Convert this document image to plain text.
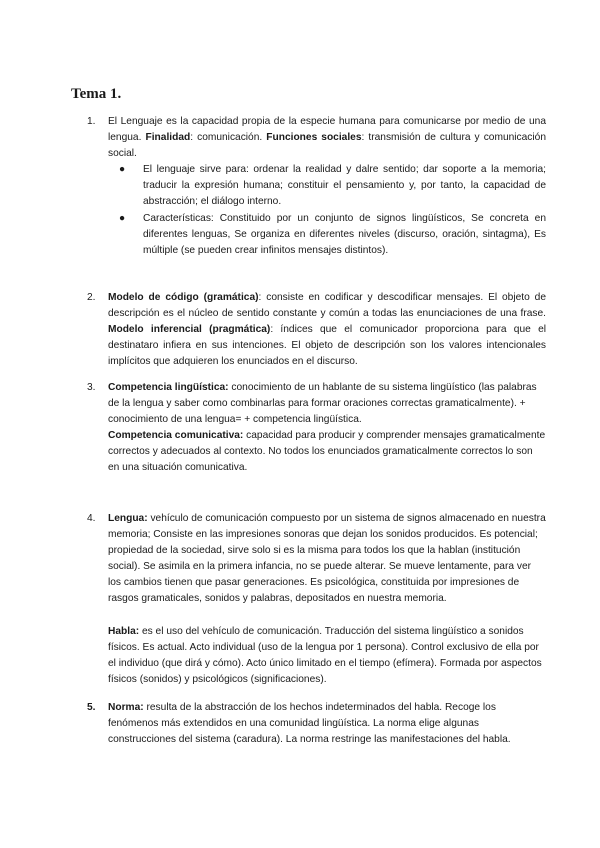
Tema 1.
1. El Lenguaje es la capacidad propia de la especie humana para comunicarse por medio de una lengua. Finalidad: comunicación. Funciones sociales: transmisión de cultura y comunicación social.
● El lenguaje sirve para: ordenar la realidad y dalre sentido; dar soporte a la memoria; traducir la expresión humana; constituir el pensamiento y, por tanto, la capacidad de abstracción; el diálogo interno.
● Características: Constituido por un conjunto de signos lingüísticos, Se concreta en diferentes lenguas, Se organiza en diferentes niveles (discurso, oración, sintagma), Es múltiple (se pueden crear infinitos mensajes distintos).
2. Modelo de código (gramática): consiste en codificar y descodificar mensajes. El objeto de descripción es el núcleo de sentido constante y común a todas las enunciaciones de una frase. Modelo inferencial (pragmática): índices que el comunicador proporciona para que el destinataro infiera en sus intenciones. El objeto de descripción son los valores intencionales implícitos que adquieren los enunciados en el discurso.
3. Competencia lingüística: conocimiento de un hablante de su sistema lingüístico (las palabras de la lengua y saber como combinarlas para formar oraciones correctas gramaticalmente). + conocimiento de una lengua= + competencia lingüística.

Competencia comunicativa: capacidad para producir y comprender mensajes gramaticalmente correctos y adecuados al contexto. No todos los enunciados gramaticalmente correctos lo son en una situación comunicativa.

4. Lengua: vehículo de comunicación compuesto por un sistema de signos almacenado en nuestra memoria; Consiste en las impresiones sonoras que dejan los sonidos producidos. Es potencial; propiedad de la sociedad, sirve solo si es la misma para todos los que la hablan (institución social). Se asimila en la primera infancia, no se puede alterar. Se mueve lentamente, para ver los cambios tienen que pasar generaciones. Es psicológica, constituida por impresiones de rasgos gramaticales, sonidos y palabras, depositados en nuestra memoria.

Habla: es el uso del vehículo de comunicación. Traducción del sistema lingüístico a sonidos físicos. Es actual. Acto individual (uso de la lengua por 1 persona). Control exclusivo de ella por el individuo (que dirá y cómo). Acto único limitado en el tiempo (efímera). Formada por aspectos físicos (sonidos) y psicológicos (significaciones).

5. Norma: resulta de la abstracción de los hechos indeterminados del habla. Recoge los fenómenos más extendidos en una comunidad lingüística. La norma elige algunas construcciones del sistema (caradura). La norma restringe las manifestaciones del habla.
